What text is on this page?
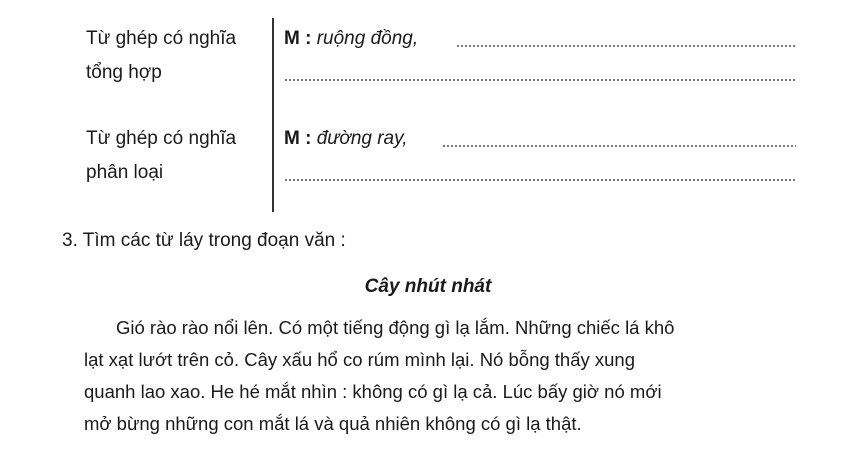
Từ ghép có nghĩa
tổng hợp
M : ruộng đồng,
Từ ghép có nghĩa
phân loại
M : đường ray,
3. Tìm các từ láy trong đoạn văn :
Cây nhút nhát
Gió rào rào nổi lên. Có một tiếng động gì lạ lắm. Những chiếc lá khô
lạt xạt lướt trên cỏ. Cây xấu hổ co rúm mình lại. Nó bỗng thấy xung
quanh lao xao. He hé mắt nhìn : không có gì lạ cả. Lúc bấy giờ nó mới
mở bừng những con mắt lá và quả nhiên không có gì lạ thật.
